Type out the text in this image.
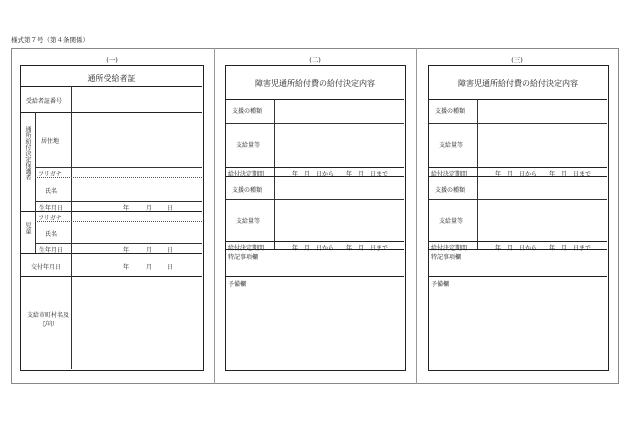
様式第７号（第４条関係）
(一)
通所受給者証
受給者証番号
通所給付決定保護者 居住地
フリガナ
氏名
生年月日	年	月 日
児童
フリガナ
氏名
生年月日	年	月 日
交付年月日	年	月 日
支給市町村名及び印
(二)
障害児通所給付費の給付決定内容
支援の種類
支給量等
給付決定期間	年　月　日から　　年　月　日まで
支援の種類
支給量等
給付決定期間	年　月　日から　　年　月　日まで
特記事項欄
予備欄
(三)
障害児通所給付費の給付決定内容
支援の種類
支給量等
給付決定期間	年　月　日から　　年　月　日まで
支援の種類
支給量等
給付決定期間	年　月　日から　　年　月　日まで
特記事項欄
予備欄
